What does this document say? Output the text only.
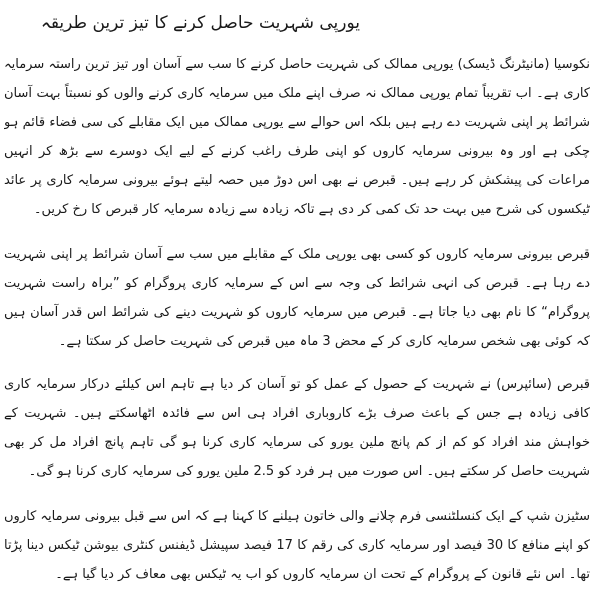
یورپی شہریت حاصل کرنے کا تیز ترین طریقہ

نکوسیا (مانیٹرنگ ڈیسک) یورپی ممالک کی شہریت حاصل کرنے کا سب سے آسان اور تیز ترین راستہ سرمایہ کاری ہے۔ اب تقریباً تمام یورپی ممالک نہ صرف اپنے ملک میں سرمایہ کاری کرنے والوں کو نسبتاً بہت آسان شرائط پر اپنی شہریت دے رہے ہیں بلکہ اس حوالے سے یورپی ممالک میں ایک مقابلے کی سی فضاء قائم ہو چکی ہے اور وہ بیرونی سرمایہ کاروں کو اپنی طرف راغب کرنے کے لیے ایک دوسرے سے بڑھ کر انہیں مراعات کی پیشکش کر رہے ہیں۔ قبرص نے بھی اس دوڑ میں حصہ لیتے ہوئے بیرونی سرمایہ کاری پر عائد ٹیکسوں کی شرح میں بہت حد تک کمی کر دی ہے تاکہ زیادہ سے زیادہ سرمایہ کار قبرص کا رخ کریں۔

قبرص بیرونی سرمایہ کاروں کو کسی بھی یورپی ملک کے مقابلے میں سب سے آسان شرائط پر اپنی شہریت دے رہا ہے۔ قبرص کی انہی شرائط کی وجہ سے اس کے سرمایہ کاری پروگرام کو ”براہ راست شہریت پروگرام“ کا نام بھی دیا جاتا ہے۔ قبرص میں سرمایہ کاروں کو شہریت دینے کی شرائط اس قدر آسان ہیں کہ کوئی بھی شخص سرمایہ کاری کر کے محض 3 ماہ میں قبرص کی شہریت حاصل کر سکتا ہے۔

قبرص (سائپرس) نے شہریت کے حصول کے عمل کو تو آسان کر دیا ہے تاہم اس کیلئے درکار سرمایہ کاری کافی زیادہ ہے جس کے باعث صرف بڑے کاروباری افراد ہی اس سے فائدہ اٹھاسکتے ہیں۔ شہریت کے خواہش مند افراد کو کم از کم پانچ ملین یورو کی سرمایہ کاری کرنا ہو گی تاہم پانچ افراد مل کر بھی شہریت حاصل کر سکتے ہیں۔ اس صورت میں ہر فرد کو 2.5 ملین یورو کی سرمایہ کاری کرنا ہو گی۔

سٹیزن شپ کے ایک کنسلٹنسی فرم چلانے والی خاتون ہیلنے کا کہنا ہے کہ اس سے قبل بیرونی سرمایہ کاروں کو اپنے منافع کا 30 فیصد اور سرمایہ کاری کی رقم کا 17 فیصد سپیشل ڈیفنس کنٹری بیوشن ٹیکس دینا پڑتا تھا۔ اس نئے قانون کے پروگرام کے تحت ان سرمایہ کاروں کو اب یہ ٹیکس بھی معاف کر دیا گیا ہے۔
